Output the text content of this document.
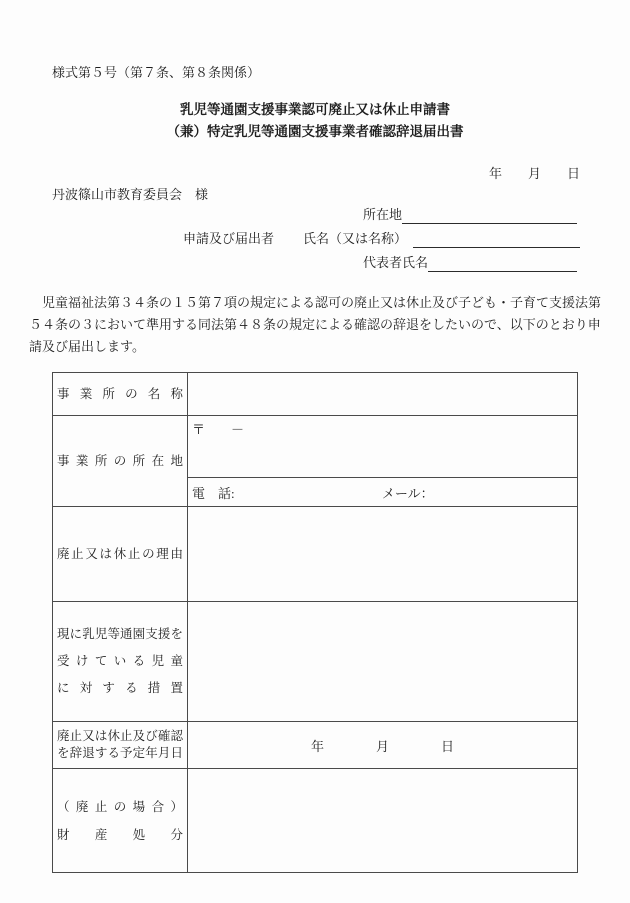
様式第５号（第７条、第８条関係）
乳児等通園支援事業認可廃止又は休止申請書
（兼）特定乳児等通園支援事業者確認辞退届出書
年　　月　　日
丹波篠山市教育委員会　様
所在地
申請及び届出者 氏名（又は名称）
代表者氏名
　児童福祉法第３４条の１５第７項の規定による認可の廃止又は休止及び子ども・子育て支援法第
５４条の３において準用する同法第４８条の規定による確認の辞退をしたいので、以下のとおり申
請及び届出します。
事業所の名称	

事業所の所在地	〒　　－
	電　話: メール：

廃止又は休止の理由	

現に乳児等通園支援を
受けている児童
に対する措置	

廃止又は休止及び確認
を辞退する予定年月日	年　　　　月　　　　日

（廃止の場合）
財産処分	
